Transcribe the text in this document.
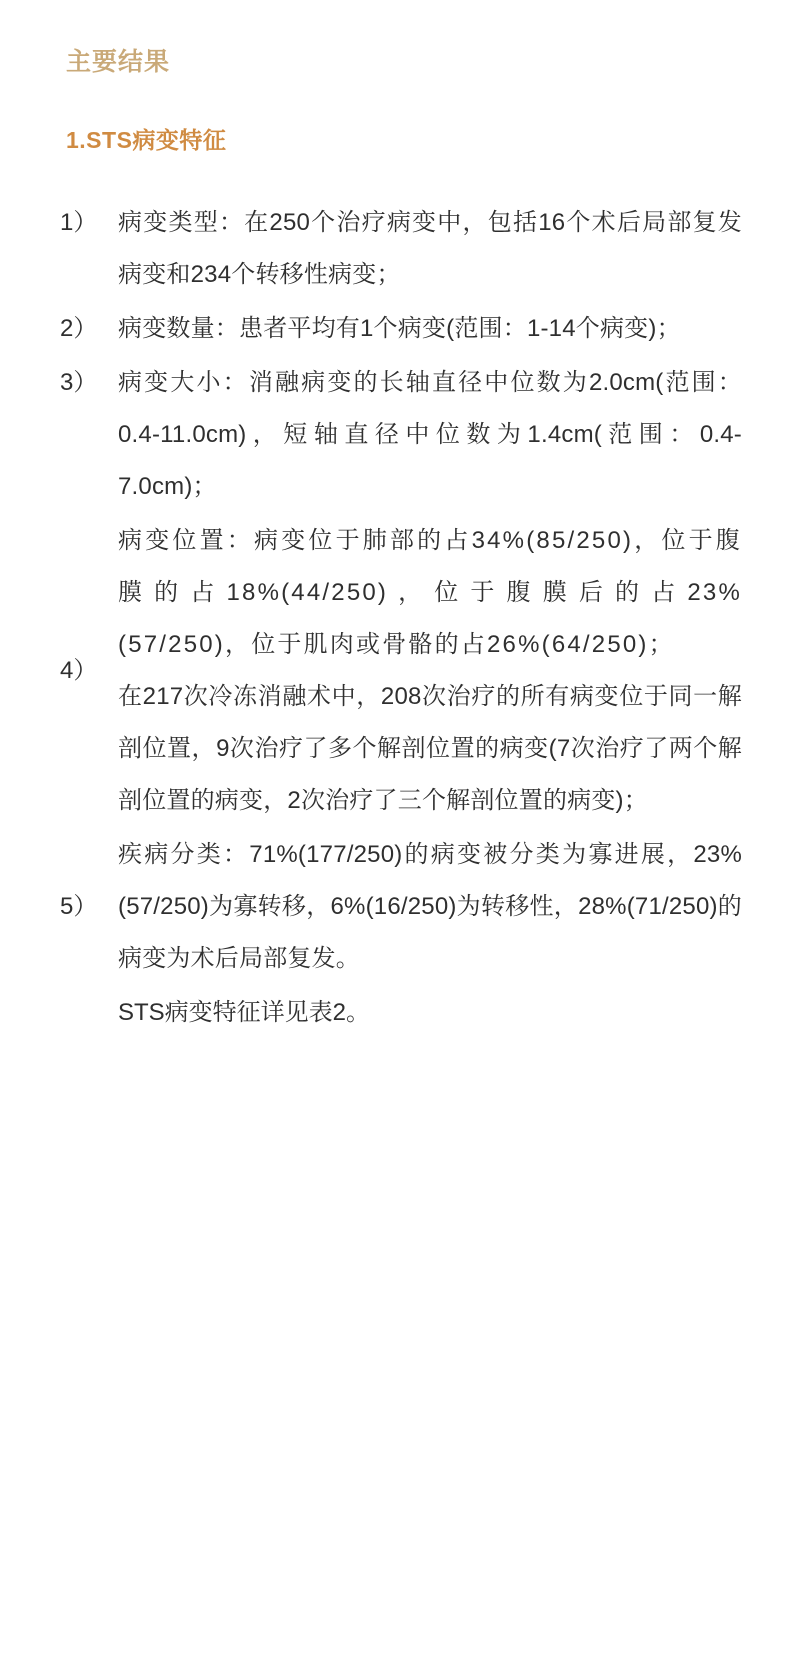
主要结果
1.STS病变特征
1） 病变类型：在250个治疗病变中，包括16个术后局部复发病变和234个转移性病变；
2） 病变数量：患者平均有1个病变(范围：1-14个病变)；
3） 病变大小：消融病变的长轴直径中位数为2.0cm(范围：0.4-11.0cm)，短轴直径中位数为1.4cm(范围：0.4-7.0cm)；
4）

病变位置：病变位于肺部的占34%(85/250)，位于腹膜的占18%(44/250)，位于腹膜后的占23%(57/250)，位于肌肉或骨骼的占26%(64/250)；

在217次冷冻消融术中，208次治疗的所有病变位于同一解剖位置，9次治疗了多个解剖位置的病变(7次治疗了两个解剖位置的病变，2次治疗了三个解剖位置的病变)；

5）
疾病分类：71%(177/250)的病变被分类为寡进展，23%(57/250)为寡转移，6%(16/250)为转移性，28%(71/250)的病变为术后局部复发。
STS病变特征详见表2。
